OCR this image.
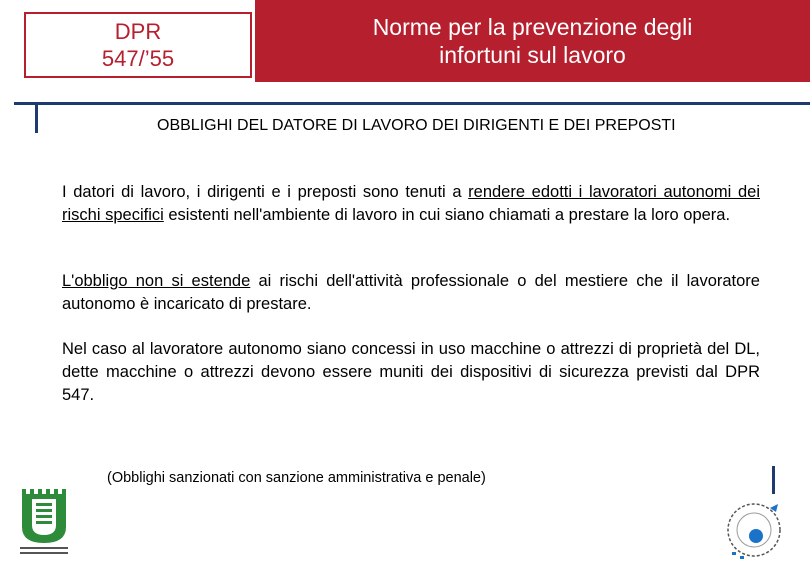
DPR
547/’55
Norme per la prevenzione degli
infortuni sul lavoro
OBBLIGHI DEL DATORE DI LAVORO DEI DIRIGENTI E DEI PREPOSTI
I datori di lavoro, i dirigenti e i preposti sono tenuti a rendere edotti i lavoratori autonomi dei rischi specifici esistenti nell'ambiente di lavoro in cui siano chiamati a prestare la loro opera.
L'obbligo non si estende ai rischi dell'attività professionale o del mestiere che il lavoratore autonomo è incaricato di prestare.
Nel caso al lavoratore autonomo siano concessi in uso macchine o attrezzi di proprietà del DL, dette macchine o attrezzi devono essere muniti dei dispositivi di sicurezza previsti dal DPR 547.
(Obblighi sanzionati con sanzione amministrativa e penale)
